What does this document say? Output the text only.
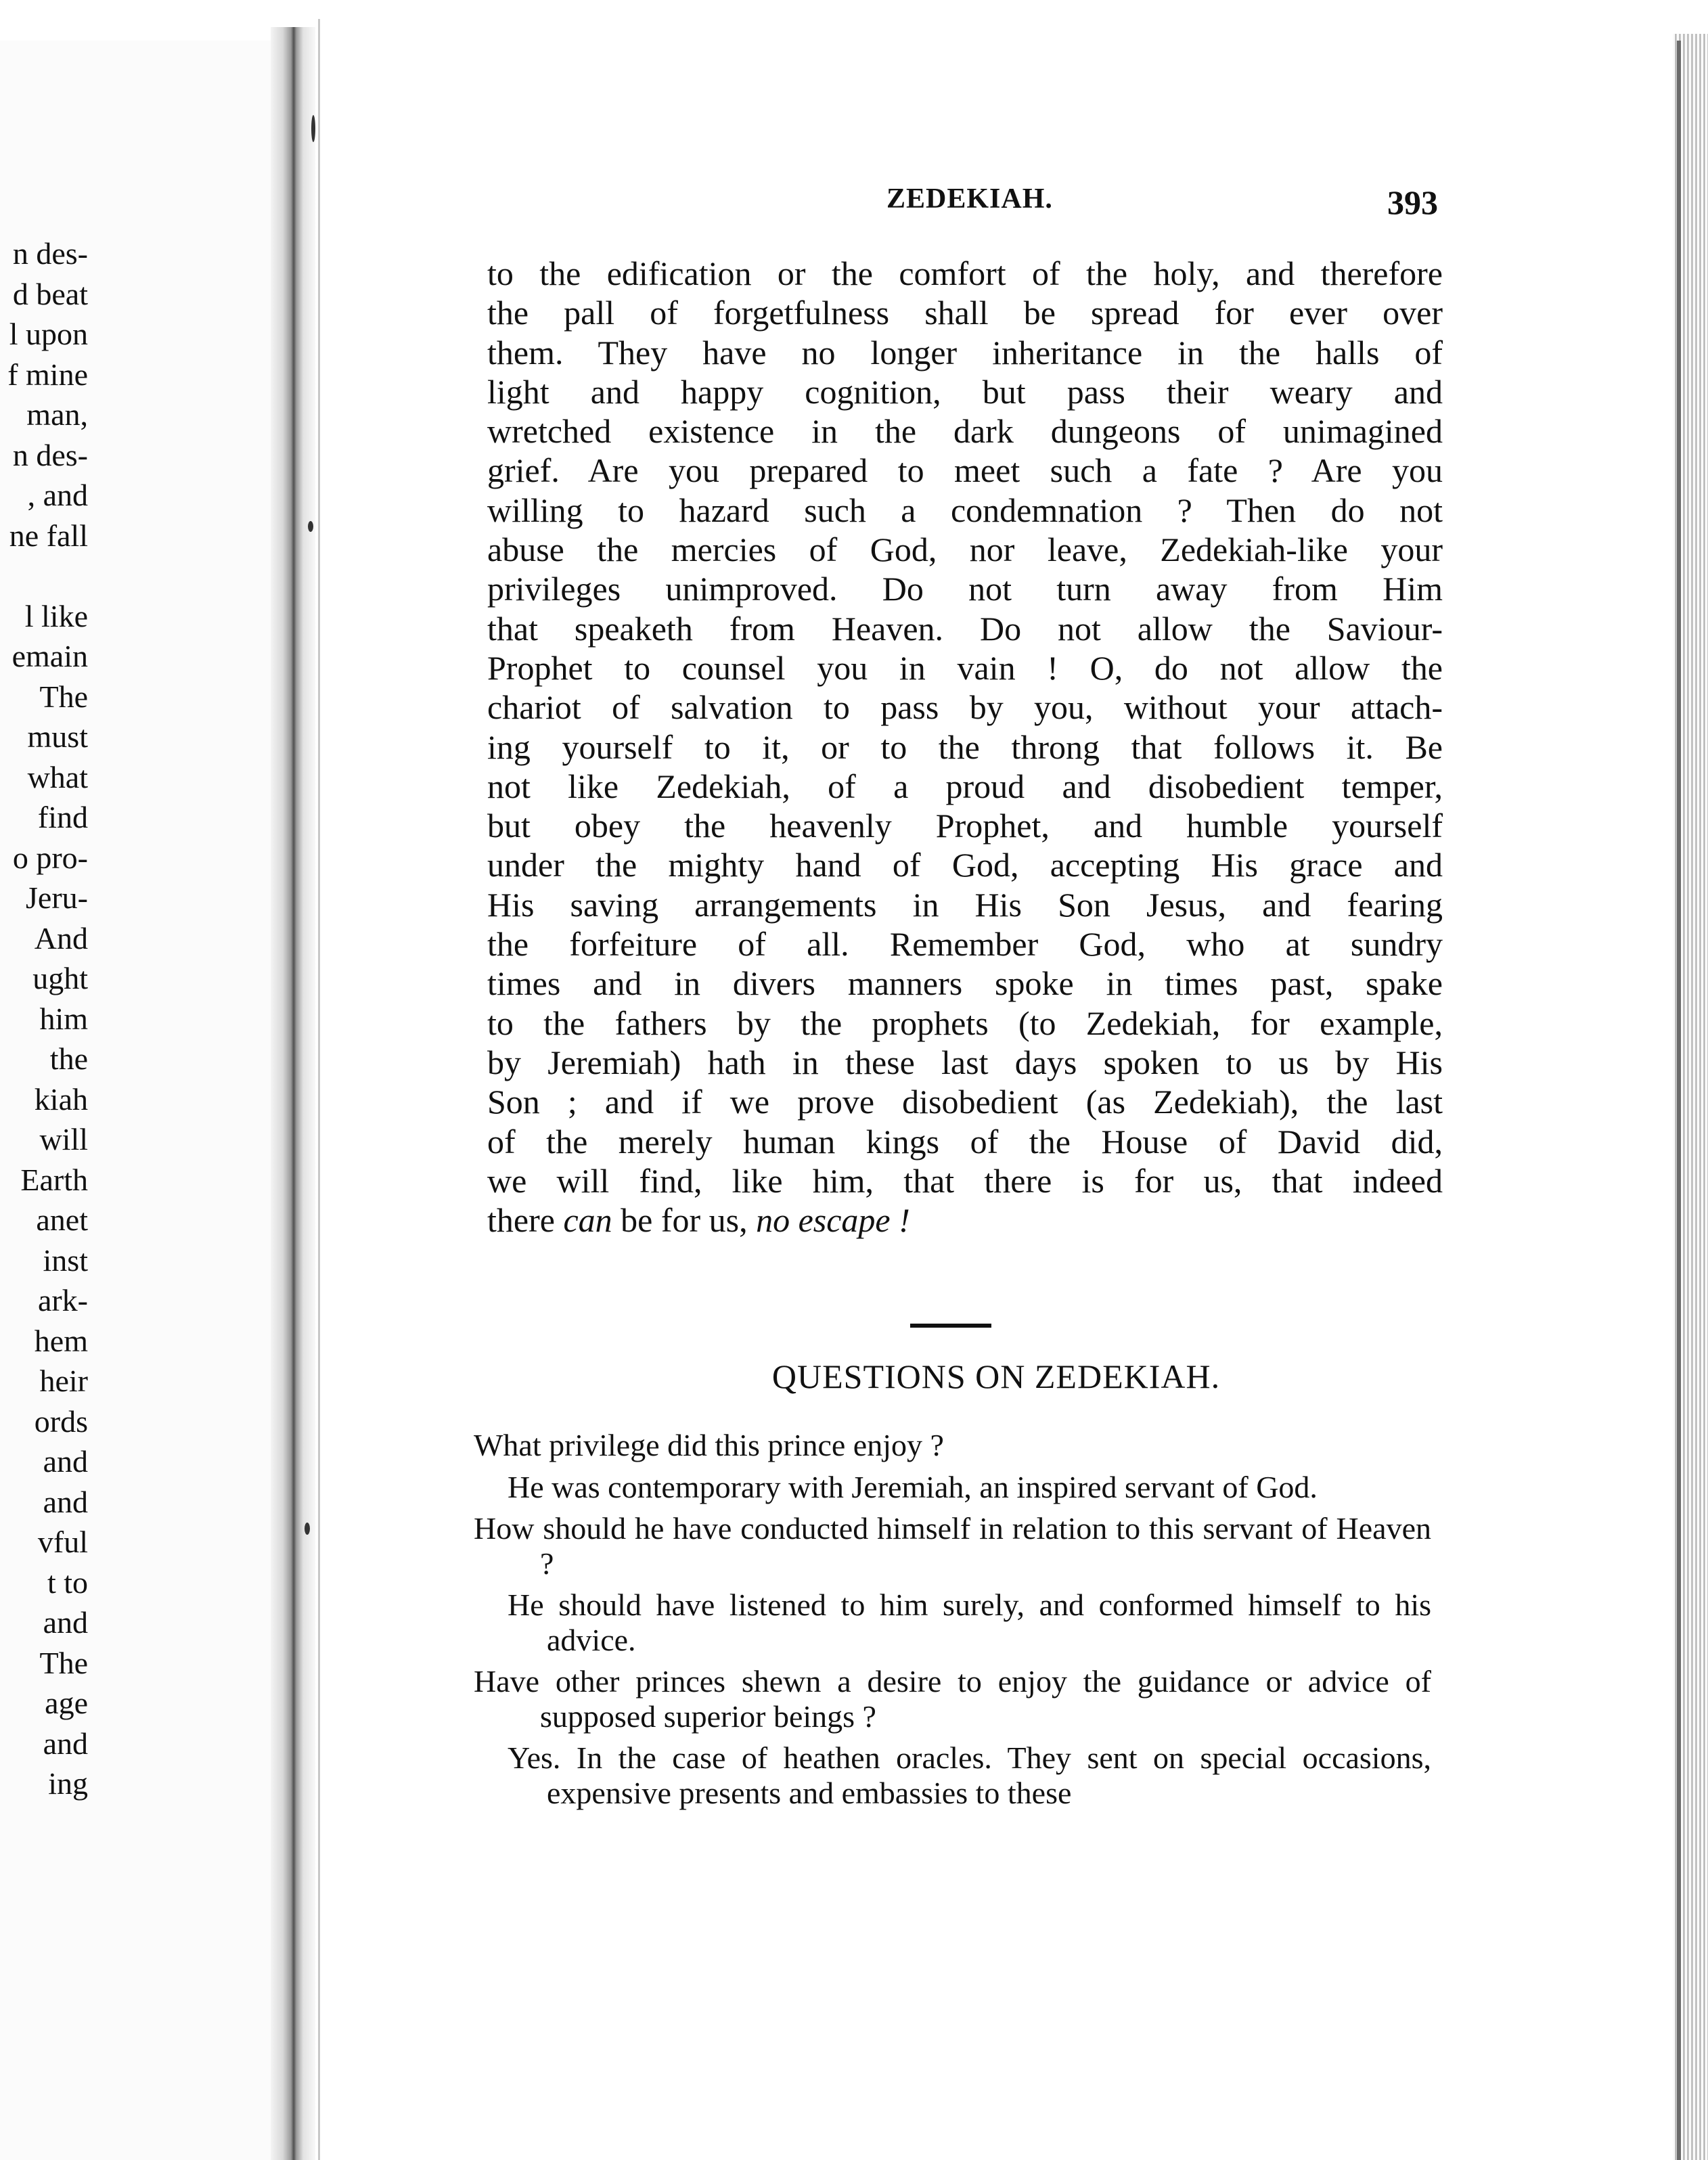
n des-
d beat
l upon
f mine
man,
n des-
, and
ne fall

l like
emain
The
must
what
find
o pro-
Jeru-
And
ught
him
the
kiah
will
Earth
anet
inst
ark-
hem
heir
ords
and
and
vful
t to
and
The
age
and
ing
ZEDEKIAH.	393
to the edification or the comfort of the holy, and therefore
the pall of forgetfulness shall be spread for ever over
them. They have no longer inheritance in the halls of
light and happy cognition, but pass their weary and
wretched existence in the dark dungeons of unimagined
grief. Are you prepared to meet such a fate ? Are you
willing to hazard such a condemnation ? Then do not
abuse the mercies of God, nor leave, Zedekiah-like your
privileges unimproved. Do not turn away from Him
that speaketh from Heaven. Do not allow the Saviour-
Prophet to counsel you in vain ! O, do not allow the
chariot of salvation to pass by you, without your attach-
ing yourself to it, or to the throng that follows it. Be
not like Zedekiah, of a proud and disobedient temper,
but obey the heavenly Prophet, and humble yourself
under the mighty hand of God, accepting His grace and
His saving arrangements in His Son Jesus, and fearing
the forfeiture of all. Remember God, who at sundry
times and in divers manners spoke in times past, spake
to the fathers by the prophets (to Zedekiah, for example,
by Jeremiah) hath in these last days spoken to us by His
Son ; and if we prove disobedient (as Zedekiah), the last
of the merely human kings of the House of David did,
we will find, like him, that there is for us, that indeed
there can be for us, no escape !
QUESTIONS ON ZEDEKIAH.

What privilege did this prince enjoy ?

He was contemporary with Jeremiah, an inspired servant of God.

How should he have conducted himself in relation to this servant of Heaven ?

He should have listened to him surely, and conformed himself to his advice.

Have other princes shewn a desire to enjoy the guidance or advice of supposed superior beings ?

Yes. In the case of heathen oracles. They sent on special occasions, expensive presents and embassies to these
